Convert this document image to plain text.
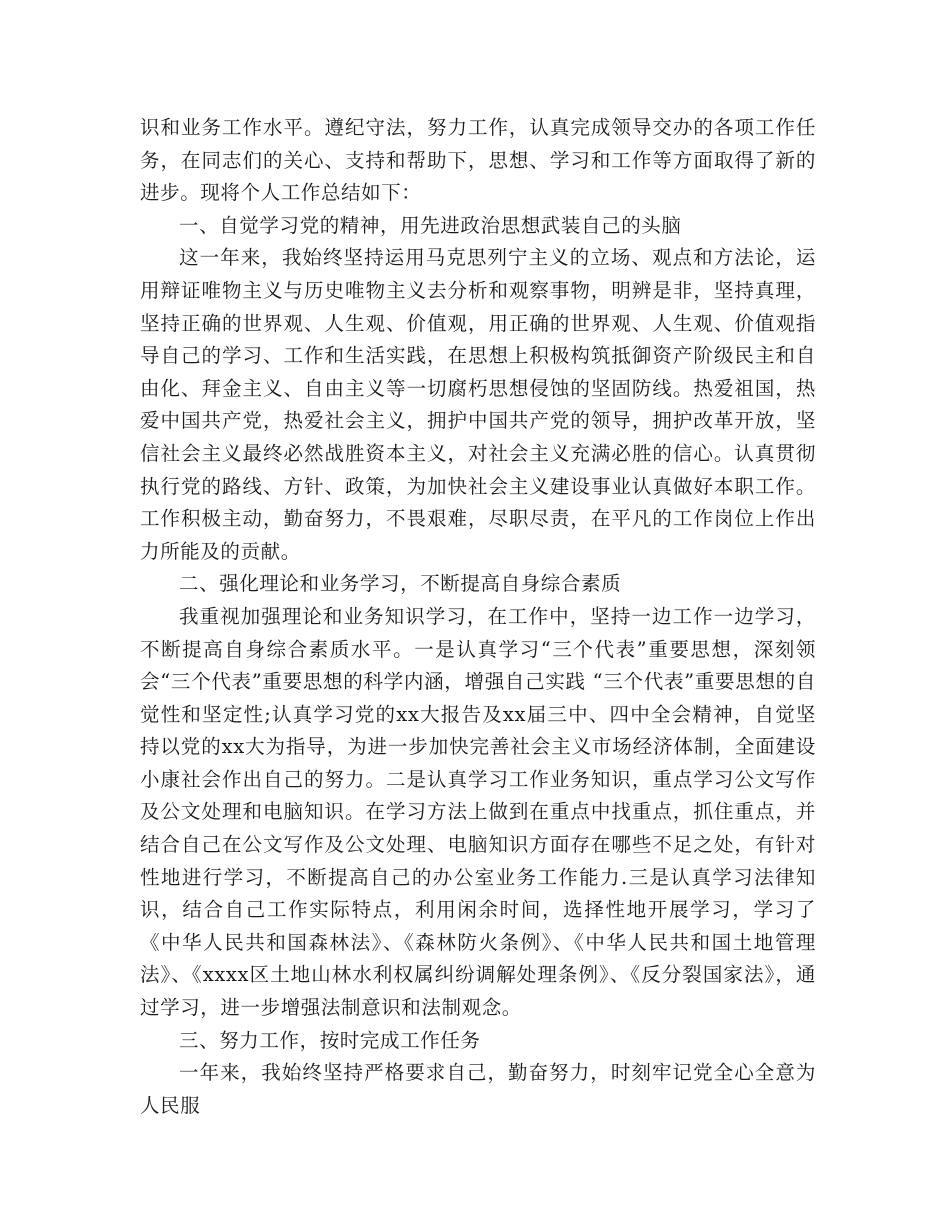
识和业务工作水平。遵纪守法，努力工作，认真完成领导交办的各项工作任务，在同志们的关心、支持和帮助下，思想、学习和工作等方面取得了新的进步。现将个人工作总结如下：

一、自觉学习党的精神，用先进政治思想武装自己的头脑

这一年来，我始终坚持运用马克思列宁主义的立场、观点和方法论，运用辩证唯物主义与历史唯物主义去分析和观察事物，明辨是非，坚持真理，坚持正确的世界观、人生观、价值观，用正确的世界观、人生观、价值观指导自己的学习、工作和生活实践，在思想上积极构筑抵御资产阶级民主和自由化、拜金主义、自由主义等一切腐朽思想侵蚀的坚固防线。热爱祖国，热爱中国共产党，热爱社会主义，拥护中国共产党的领导，拥护改革开放，坚信社会主义最终必然战胜资本主义，对社会主义充满必胜的信心。认真贯彻执行党的路线、方针、政策，为加快社会主义建设事业认真做好本职工作。工作积极主动，勤奋努力，不畏艰难，尽职尽责，在平凡的工作岗位上作出力所能及的贡献。

二、强化理论和业务学习，不断提高自身综合素质

我重视加强理论和业务知识学习，在工作中，坚持一边工作一边学习，不断提高自身综合素质水平。一是认真学习“三个代表”重要思想，深刻领会“三个代表”重要思想的科学内涵，增强自己实践 “三个代表”重要思想的自觉性和坚定性;认真学习党的xx大报告及xx届三中、四中全会精神，自觉坚持以党的xx大为指导，为进一步加快完善社会主义市场经济体制，全面建设小康社会作出自己的努力。二是认真学习工作业务知识，重点学习公文写作及公文处理和电脑知识。在学习方法上做到在重点中找重点，抓住重点，并结合自己在公文写作及公文处理、电脑知识方面存在哪些不足之处，有针对性地进行学习，不断提高自己的办公室业务工作能力.三是认真学习法律知识，结合自己工作实际特点，利用闲余时间，选择性地开展学习，学习了《中华人民共和国森林法》、《森林防火条例》、《中华人民共和国土地管理法》、《xxxx区土地山林水利权属纠纷调解处理条例》、《反分裂国家法》，通过学习，进一步增强法制意识和法制观念。

三、努力工作，按时完成工作任务

一年来，我始终坚持严格要求自己，勤奋努力，时刻牢记党全心全意为人民服
